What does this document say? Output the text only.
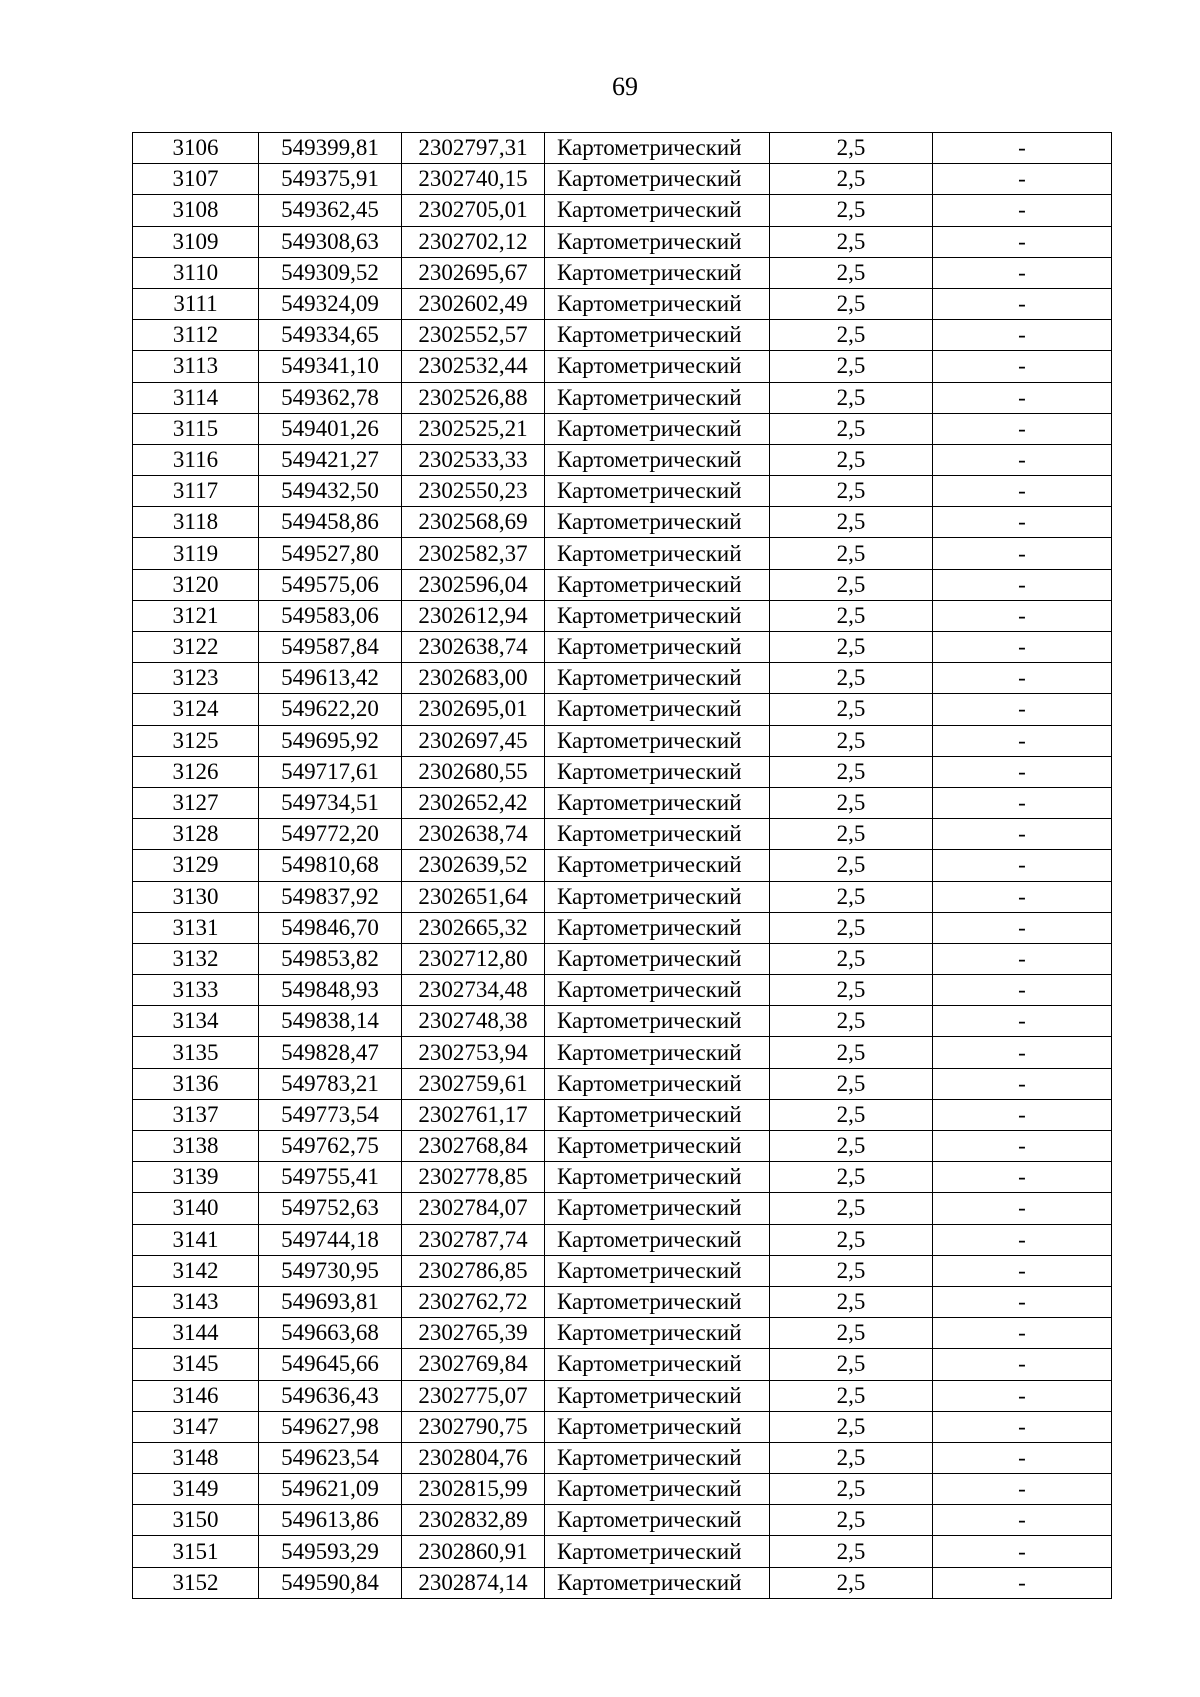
69
3106	549399,81	2302797,31	Картометрический	2,5	-
3107	549375,91	2302740,15	Картометрический	2,5	-
3108	549362,45	2302705,01	Картометрический	2,5	-
3109	549308,63	2302702,12	Картометрический	2,5	-
3110	549309,52	2302695,67	Картометрический	2,5	-
3111	549324,09	2302602,49	Картометрический	2,5	-
3112	549334,65	2302552,57	Картометрический	2,5	-
3113	549341,10	2302532,44	Картометрический	2,5	-
3114	549362,78	2302526,88	Картометрический	2,5	-
3115	549401,26	2302525,21	Картометрический	2,5	-
3116	549421,27	2302533,33	Картометрический	2,5	-
3117	549432,50	2302550,23	Картометрический	2,5	-
3118	549458,86	2302568,69	Картометрический	2,5	-
3119	549527,80	2302582,37	Картометрический	2,5	-
3120	549575,06	2302596,04	Картометрический	2,5	-
3121	549583,06	2302612,94	Картометрический	2,5	-
3122	549587,84	2302638,74	Картометрический	2,5	-
3123	549613,42	2302683,00	Картометрический	2,5	-
3124	549622,20	2302695,01	Картометрический	2,5	-
3125	549695,92	2302697,45	Картометрический	2,5	-
3126	549717,61	2302680,55	Картометрический	2,5	-
3127	549734,51	2302652,42	Картометрический	2,5	-
3128	549772,20	2302638,74	Картометрический	2,5	-
3129	549810,68	2302639,52	Картометрический	2,5	-
3130	549837,92	2302651,64	Картометрический	2,5	-
3131	549846,70	2302665,32	Картометрический	2,5	-
3132	549853,82	2302712,80	Картометрический	2,5	-
3133	549848,93	2302734,48	Картометрический	2,5	-
3134	549838,14	2302748,38	Картометрический	2,5	-
3135	549828,47	2302753,94	Картометрический	2,5	-
3136	549783,21	2302759,61	Картометрический	2,5	-
3137	549773,54	2302761,17	Картометрический	2,5	-
3138	549762,75	2302768,84	Картометрический	2,5	-
3139	549755,41	2302778,85	Картометрический	2,5	-
3140	549752,63	2302784,07	Картометрический	2,5	-
3141	549744,18	2302787,74	Картометрический	2,5	-
3142	549730,95	2302786,85	Картометрический	2,5	-
3143	549693,81	2302762,72	Картометрический	2,5	-
3144	549663,68	2302765,39	Картометрический	2,5	-
3145	549645,66	2302769,84	Картометрический	2,5	-
3146	549636,43	2302775,07	Картометрический	2,5	-
3147	549627,98	2302790,75	Картометрический	2,5	-
3148	549623,54	2302804,76	Картометрический	2,5	-
3149	549621,09	2302815,99	Картометрический	2,5	-
3150	549613,86	2302832,89	Картометрический	2,5	-
3151	549593,29	2302860,91	Картометрический	2,5	-
3152	549590,84	2302874,14	Картометрический	2,5	-
